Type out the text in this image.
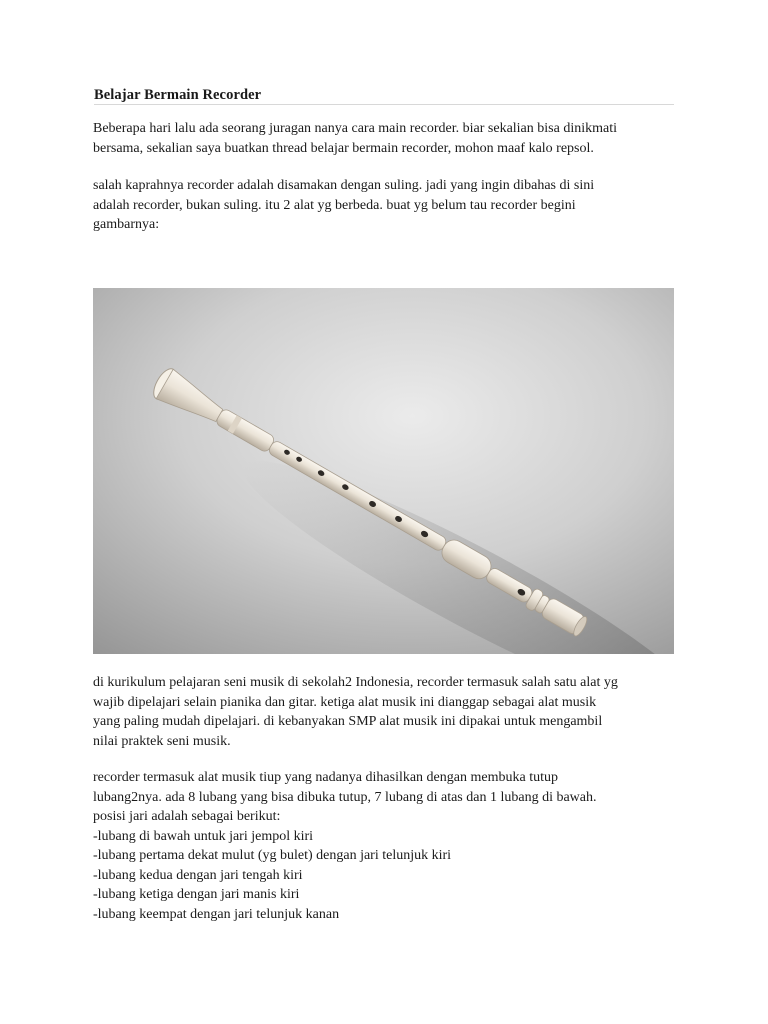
Belajar Bermain Recorder

Beberapa hari lalu ada seorang juragan nanya cara main recorder. biar sekalian bisa dinikmati
bersama, sekalian saya buatkan thread belajar bermain recorder, mohon maaf kalo repsol.

salah kaprahnya recorder adalah disamakan dengan suling. jadi yang ingin dibahas di sini
adalah recorder, bukan suling. itu 2 alat yg berbeda. buat yg belum tau recorder begini
gambarnya:

di kurikulum pelajaran seni musik di sekolah2 Indonesia, recorder termasuk salah satu alat yg
wajib dipelajari selain pianika dan gitar. ketiga alat musik ini dianggap sebagai alat musik
yang paling mudah dipelajari. di kebanyakan SMP alat musik ini dipakai untuk mengambil
nilai praktek seni musik.

recorder termasuk alat musik tiup yang nadanya dihasilkan dengan membuka tutup
lubang2nya. ada 8 lubang yang bisa dibuka tutup, 7 lubang di atas dan 1 lubang di bawah.
posisi jari adalah sebagai berikut:
-lubang di bawah untuk jari jempol kiri
-lubang pertama dekat mulut (yg bulet) dengan jari telunjuk kiri
-lubang kedua dengan jari tengah kiri
-lubang ketiga dengan jari manis kiri
-lubang keempat dengan jari telunjuk kanan
